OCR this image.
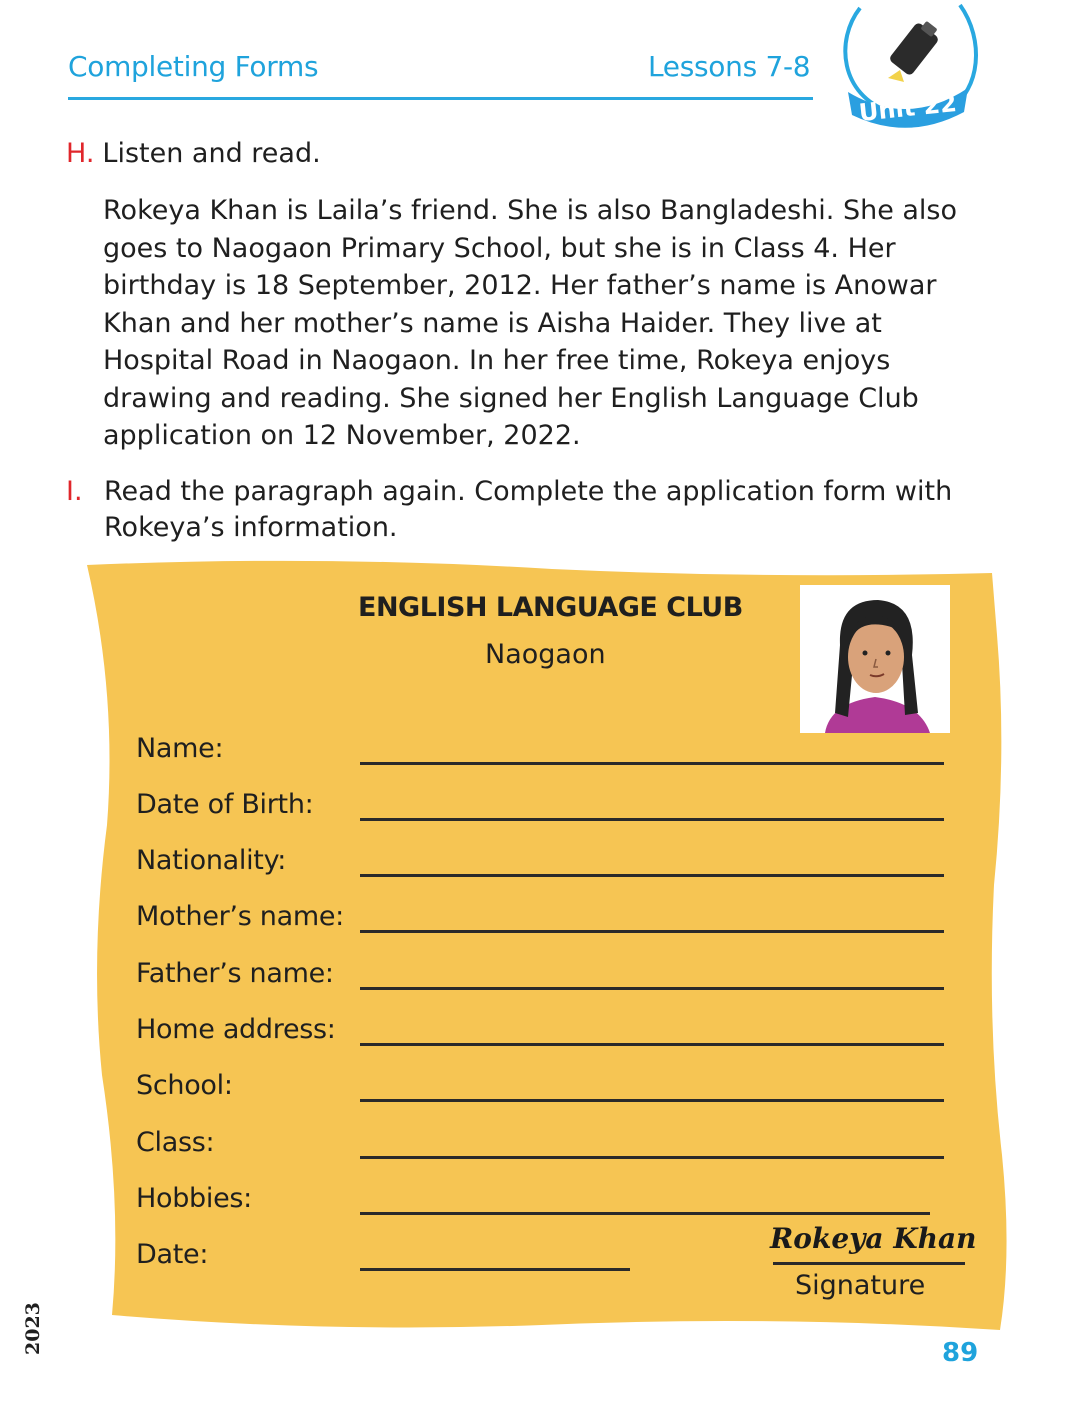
Completing Forms	Lessons 7-8
Unit 22
H. Listen and read.
Rokeya Khan is Laila’s friend. She is also Bangladeshi. She also
goes to Naogaon Primary School, but she is in Class 4. Her
birthday is 18 September, 2012. Her father’s name is Anowar
Khan and her mother’s name is Aisha Haider. They live at
Hospital Road in Naogaon. In her free time, Rokeya enjoys
drawing and reading. She signed her English Language Club
application on 12 November, 2022.
I. Read the paragraph again. Complete the application form with
Rokeya’s information.
ENGLISH LANGUAGE CLUB
Naogaon
Name:
Date of Birth:
Nationality:
Mother’s name:
Father’s name:
Home address:
School:
Class:
Hobbies:
Date:	Rokeya Khan
Signature
89
2023
